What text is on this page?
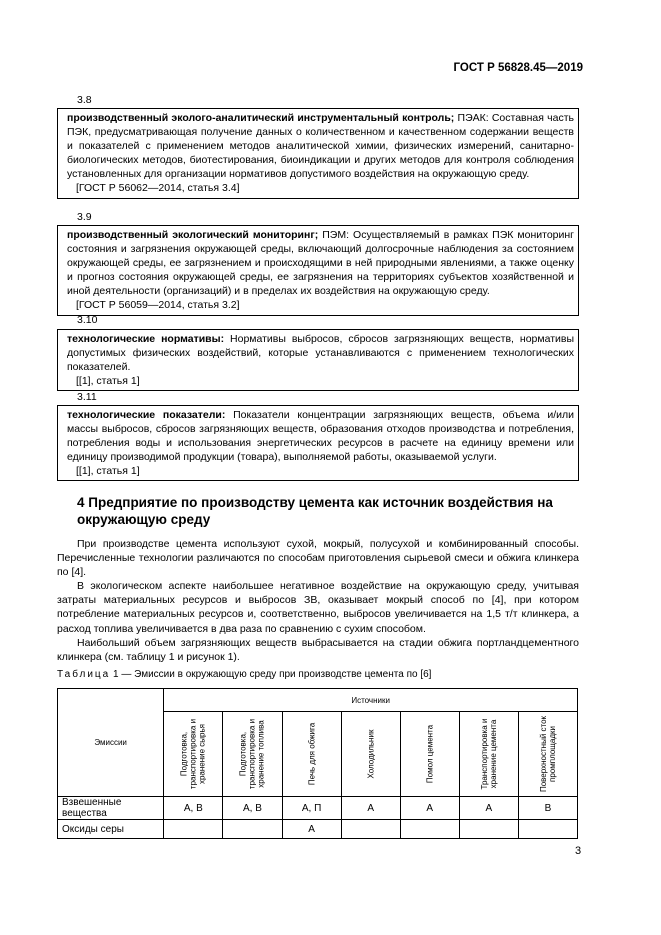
ГОСТ Р 56828.45—2019
3.8

производственный эколого-аналитический инструментальный контроль; ПЭАК: Составная часть ПЭК, предусматривающая получение данных о количественном и качественном содержании веществ и показателей с применением методов аналитической химии, физических измерений, санитарно-биологических методов, биотестирования, биоиндикации и других методов для контроля соблюдения установленных для организации нормативов допустимого воздействия на окружающую среду.

[ГОСТ Р 56062—2014, статья 3.4]

3.9

производственный экологический мониторинг; ПЭМ: Осуществляемый в рамках ПЭК мониторинг состояния и загрязнения окружающей среды, включающий долгосрочные наблюдения за состоянием окружающей среды, ее загрязнением и происходящими в ней природными явлениями, а также оценку и прогноз состояния окружающей среды, ее загрязнения на территориях субъектов хозяйственной и иной деятельности (организаций) и в пределах их воздействия на окружающую среду.

[ГОСТ Р 56059—2014, статья 3.2]

3.10

технологические нормативы: Нормативы выбросов, сбросов загрязняющих веществ, нормативы допустимых физических воздействий, которые устанавливаются с применением технологических показателей.

[[1], статья 1]

3.11

технологические показатели: Показатели концентрации загрязняющих веществ, объема и/или массы выбросов, сбросов загрязняющих веществ, образования отходов производства и потребления, потребления воды и использования энергетических ресурсов в расчете на единицу времени или единицу производимой продукции (товара), выполняемой работы, оказываемой услуги.

[[1], статья 1]

4 Предприятие по производству цемента как источник воздействия на окружающую среду

При производстве цемента используют сухой, мокрый, полусухой и комбинированный способы. Перечисленные технологии различаются по способам приготовления сырьевой смеси и обжига клинкера по [4].

В экологическом аспекте наибольшее негативное воздействие на окружающую среду, учитывая затраты материальных ресурсов и выбросов ЗВ, оказывает мокрый способ по [4], при котором потребление материальных ресурсов и, соответственно, выбросов увеличивается на 1,5 т/т клинкера, а расход топлива увеличивается в два раза по сравнению с сухим способом.

Наибольший объем загрязняющих веществ выбрасывается на стадии обжига портландцементного клинкера (см. таблицу 1 и рисунок 1).

Таблица 1 — Эмиссии в окружающую среду при производстве цемента по [6]
Эмиссии	Источники						

	Подготовка, транспортировка и хранение сырья	Подготовка, транспортировка и хранение топлива	Печь для обжига	Холодильник	Помол цемента	Транспортировка и хранение цемента	Поверхностный сток промплощадки

Взвешенные вещества	А, В	А, В	А, П	А	А	А	В
Оксиды серы			А				
3
